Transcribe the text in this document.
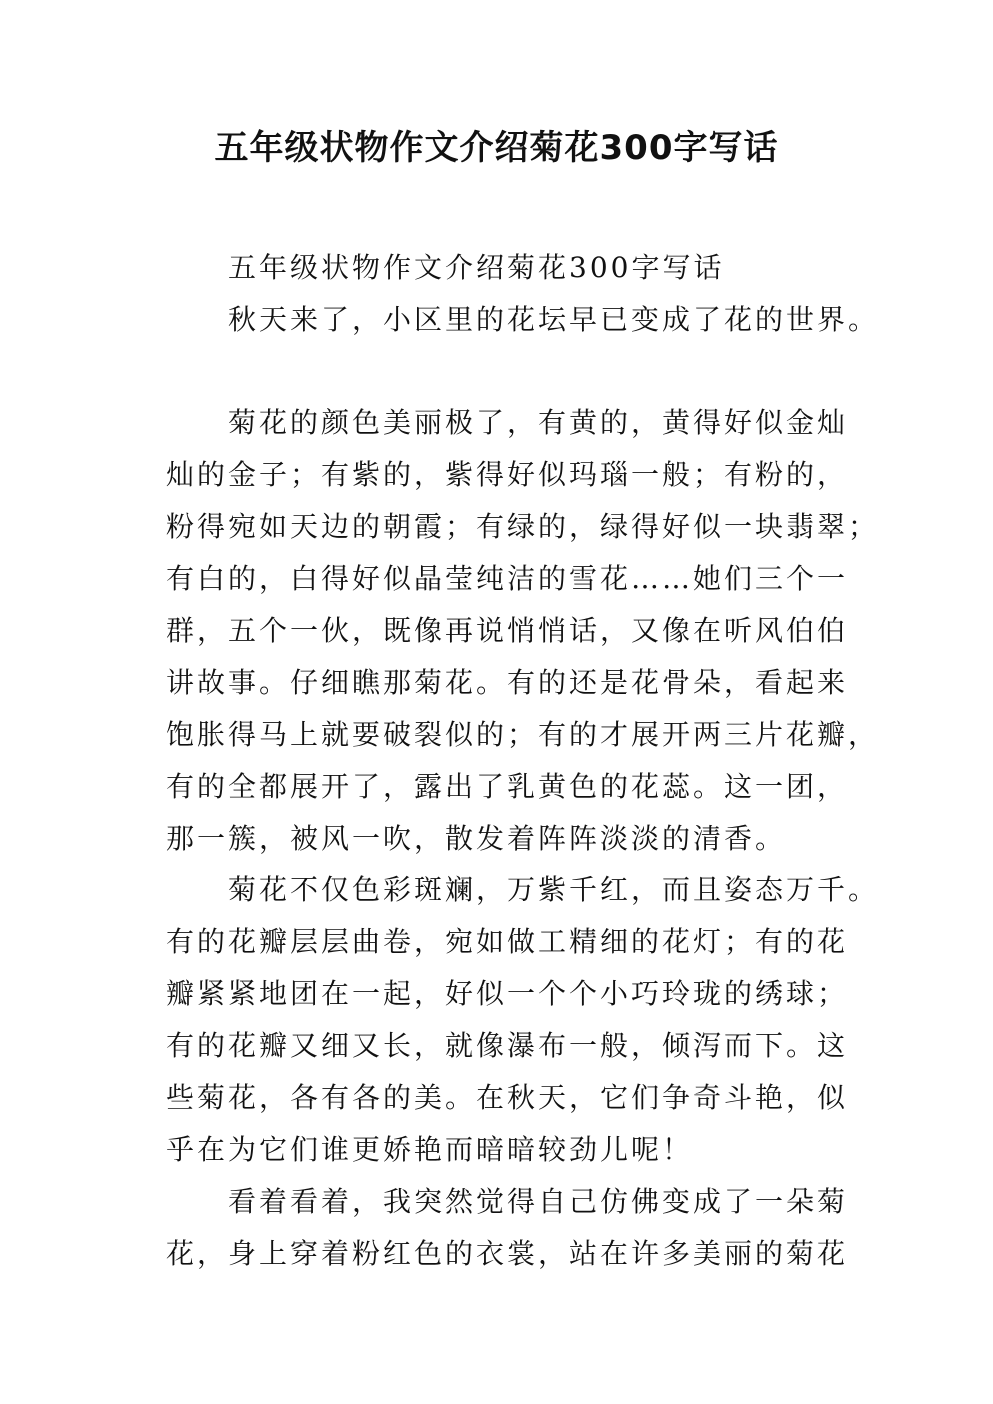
五年级状物作文介绍菊花300字写话
五年级状物作文介绍菊花300字写话
秋天来了，小区里的花坛早已变成了花的世界。
菊花的颜色美丽极了，有黄的，黄得好似金灿
灿的金子；有紫的，紫得好似玛瑙一般；有粉的，
粉得宛如天边的朝霞；有绿的，绿得好似一块翡翠；
有白的，白得好似晶莹纯洁的雪花……她们三个一
群，五个一伙，既像再说悄悄话，又像在听风伯伯
讲故事。仔细瞧那菊花。有的还是花骨朵，看起来
饱胀得马上就要破裂似的；有的才展开两三片花瓣，
有的全都展开了，露出了乳黄色的花蕊。这一团，
那一簇，被风一吹，散发着阵阵淡淡的清香。
菊花不仅色彩斑斓，万紫千红，而且姿态万千。
有的花瓣层层曲卷，宛如做工精细的花灯；有的花
瓣紧紧地团在一起，好似一个个小巧玲珑的绣球；
有的花瓣又细又长，就像瀑布一般，倾泻而下。这
些菊花，各有各的美。在秋天，它们争奇斗艳，似
乎在为它们谁更娇艳而暗暗较劲儿呢！
看着看着，我突然觉得自己仿佛变成了一朵菊
花，身上穿着粉红色的衣裳，站在许多美丽的菊花
